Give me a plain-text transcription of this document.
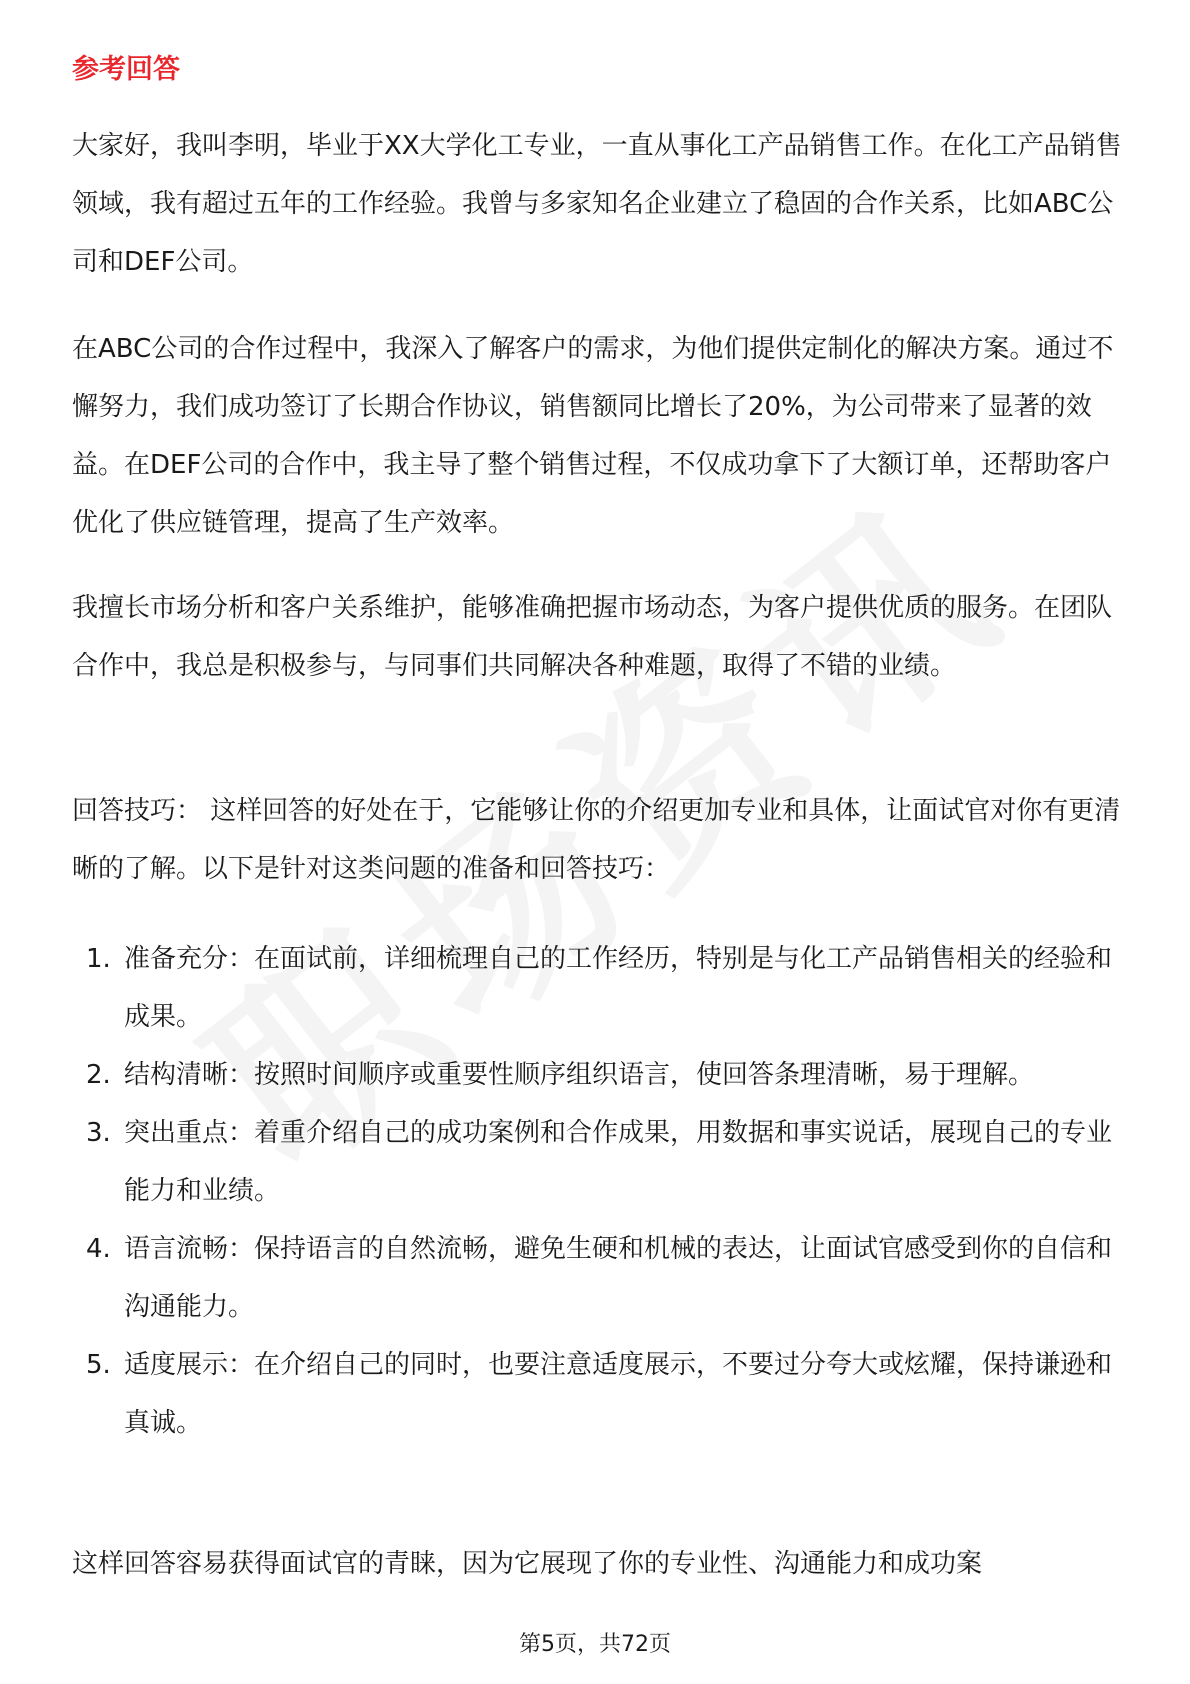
参考回答

大家好，我叫李明，毕业于XX大学化工专业，一直从事化工产品销售工作。在化工产品销售领域，我有超过五年的工作经验。我曾与多家知名企业建立了稳固的合作关系，比如ABC公司和DEF公司。

在ABC公司的合作过程中，我深入了解客户的需求，为他们提供定制化的解决方案。通过不懈努力，我们成功签订了长期合作协议，销售额同比增长了20%，为公司带来了显著的效益。在DEF公司的合作中，我主导了整个销售过程，不仅成功拿下了大额订单，还帮助客户优化了供应链管理，提高了生产效率。

我擅长市场分析和客户关系维护，能够准确把握市场动态，为客户提供优质的服务。在团队合作中，我总是积极参与，与同事们共同解决各种难题，取得了不错的业绩。

回答技巧： 这样回答的好处在于，它能够让你的介绍更加专业和具体，让面试官对你有更清晰的了解。以下是针对这类问题的准备和回答技巧：

1. 准备充分：在面试前，详细梳理自己的工作经历，特别是与化工产品销售相关的经验和成果。
2. 结构清晰：按照时间顺序或重要性顺序组织语言，使回答条理清晰，易于理解。
3. 突出重点：着重介绍自己的成功案例和合作成果，用数据和事实说话，展现自己的专业能力和业绩。
4. 语言流畅：保持语言的自然流畅，避免生硬和机械的表达，让面试官感受到你的自信和沟通能力。
5. 适度展示：在介绍自己的同时，也要注意适度展示，不要过分夸大或炫耀，保持谦逊和真诚。

这样回答容易获得面试官的青睐，因为它展现了你的专业性、沟通能力和成功案

第5页，共72页
